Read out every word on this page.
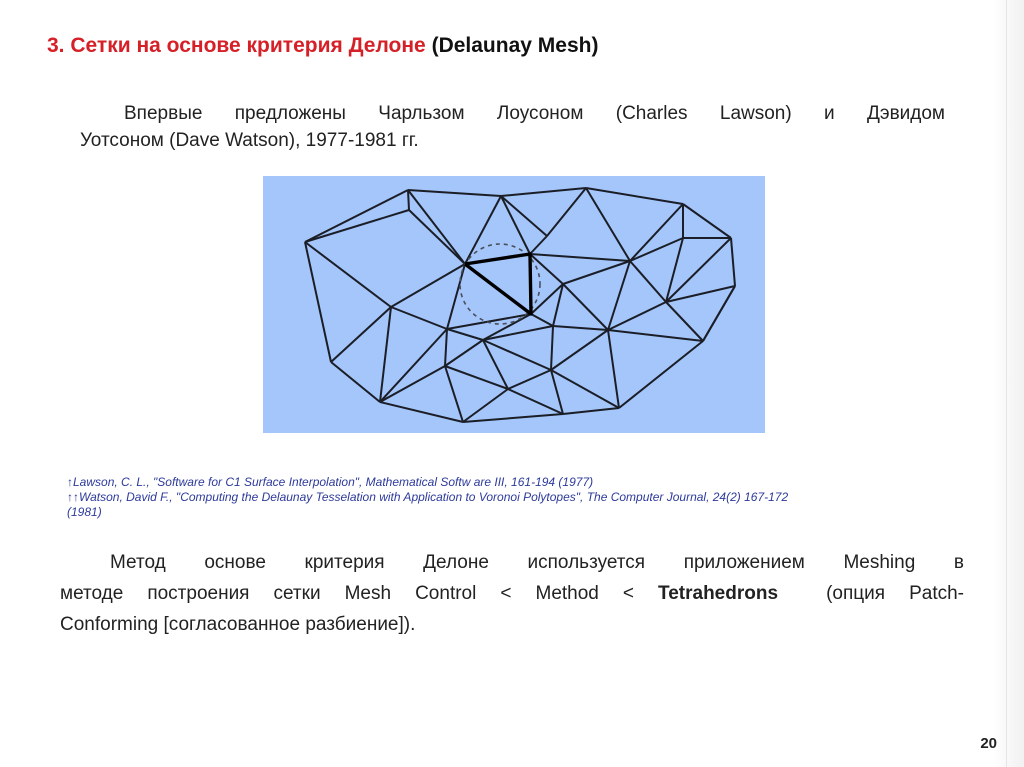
3. Сетки на основе критерия Делоне (Delaunay Mesh)
Впервые предложены Чарльзом Лоусоном (Charles Lawson) и Дэвидом
Уотсоном (Dave Watson), 1977-1981 гг.
↑Lawson, C. L., "Software for C1 Surface Interpolation", Mathematical Softw are III, 161-194 (1977)
↑↑Watson, David F., "Computing the Delaunay Tesselation with Application to Voronoi Polytopes", The Computer Journal, 24(2) 167-172
(1981)
Метод основе критерия Делоне используется приложением Meshing в
методе построения сетки Mesh Control < Method < Tetrahedrons  (опция Patch-
Conforming [согласованное разбиение]).
20
